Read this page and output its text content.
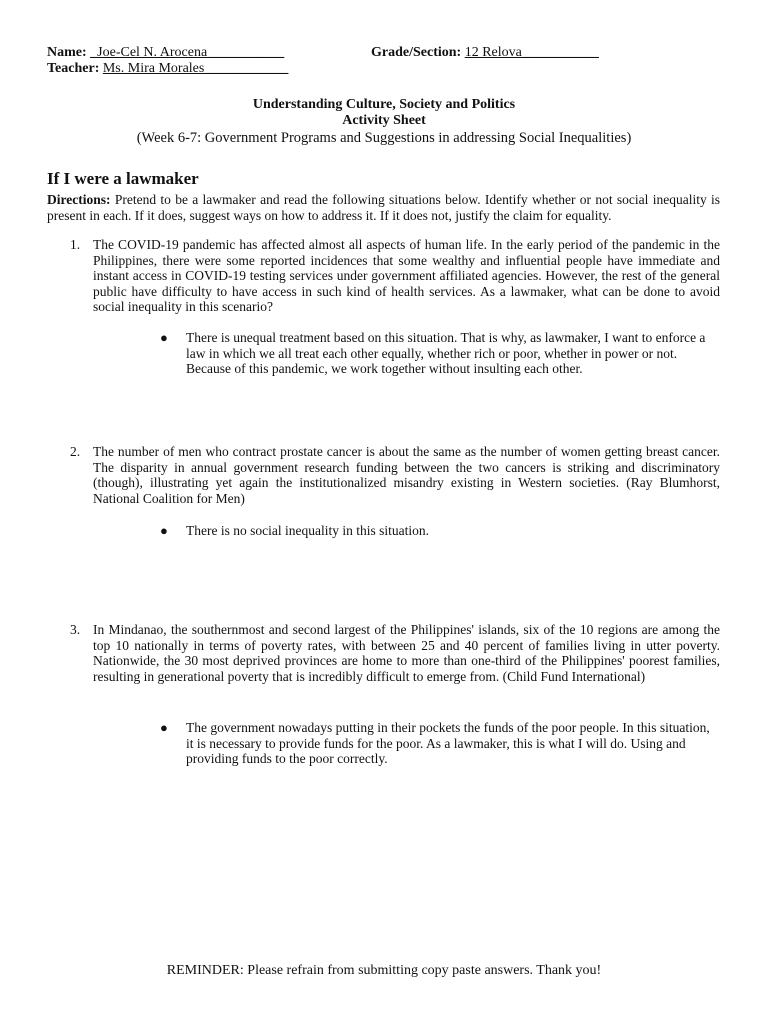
Name: _Joe-Cel N. Arocena___________	Grade/Section: 12 Relova___________
Teacher: Ms. Mira Morales____________
Understanding Culture, Society and Politics
Activity Sheet
(Week 6-7: Government Programs and Suggestions in addressing Social Inequalities)
If I were a lawmaker
Directions: Pretend to be a lawmaker and read the following situations below. Identify whether or not social inequality is present in each. If it does, suggest ways on how to address it. If it does not, justify the claim for equality.
1. The COVID-19 pandemic has affected almost all aspects of human life. In the early period of the pandemic in the Philippines, there were some reported incidences that some wealthy and influential people have immediate and instant access in COVID-19 testing services under government affiliated agencies. However, the rest of the general public have difficulty to have access in such kind of health services. As a lawmaker, what can be done to avoid social inequality in this scenario?
● There is unequal treatment based on this situation. That is why, as lawmaker, I want to enforce a law in which we all treat each other equally, whether rich or poor, whether in power or not. Because of this pandemic, we work together without insulting each other.
2. The number of men who contract prostate cancer is about the same as the number of women getting breast cancer. The disparity in annual government research funding between the two cancers is striking and discriminatory (though), illustrating yet again the institutionalized misandry existing in Western societies. (Ray Blumhorst, National Coalition for Men)
● There is no social inequality in this situation.
3. In Mindanao, the southernmost and second largest of the Philippines' islands, six of the 10 regions are among the top 10 nationally in terms of poverty rates, with between 25 and 40 percent of families living in utter poverty. Nationwide, the 30 most deprived provinces are home to more than one-third of the Philippines' poorest families, resulting in generational poverty that is incredibly difficult to emerge from. (Child Fund International)
● The government nowadays putting in their pockets the funds of the poor people. In this situation, it is necessary to provide funds for the poor. As a lawmaker, this is what I will do. Using and providing funds to the poor correctly.
REMINDER: Please refrain from submitting copy paste answers. Thank you!
